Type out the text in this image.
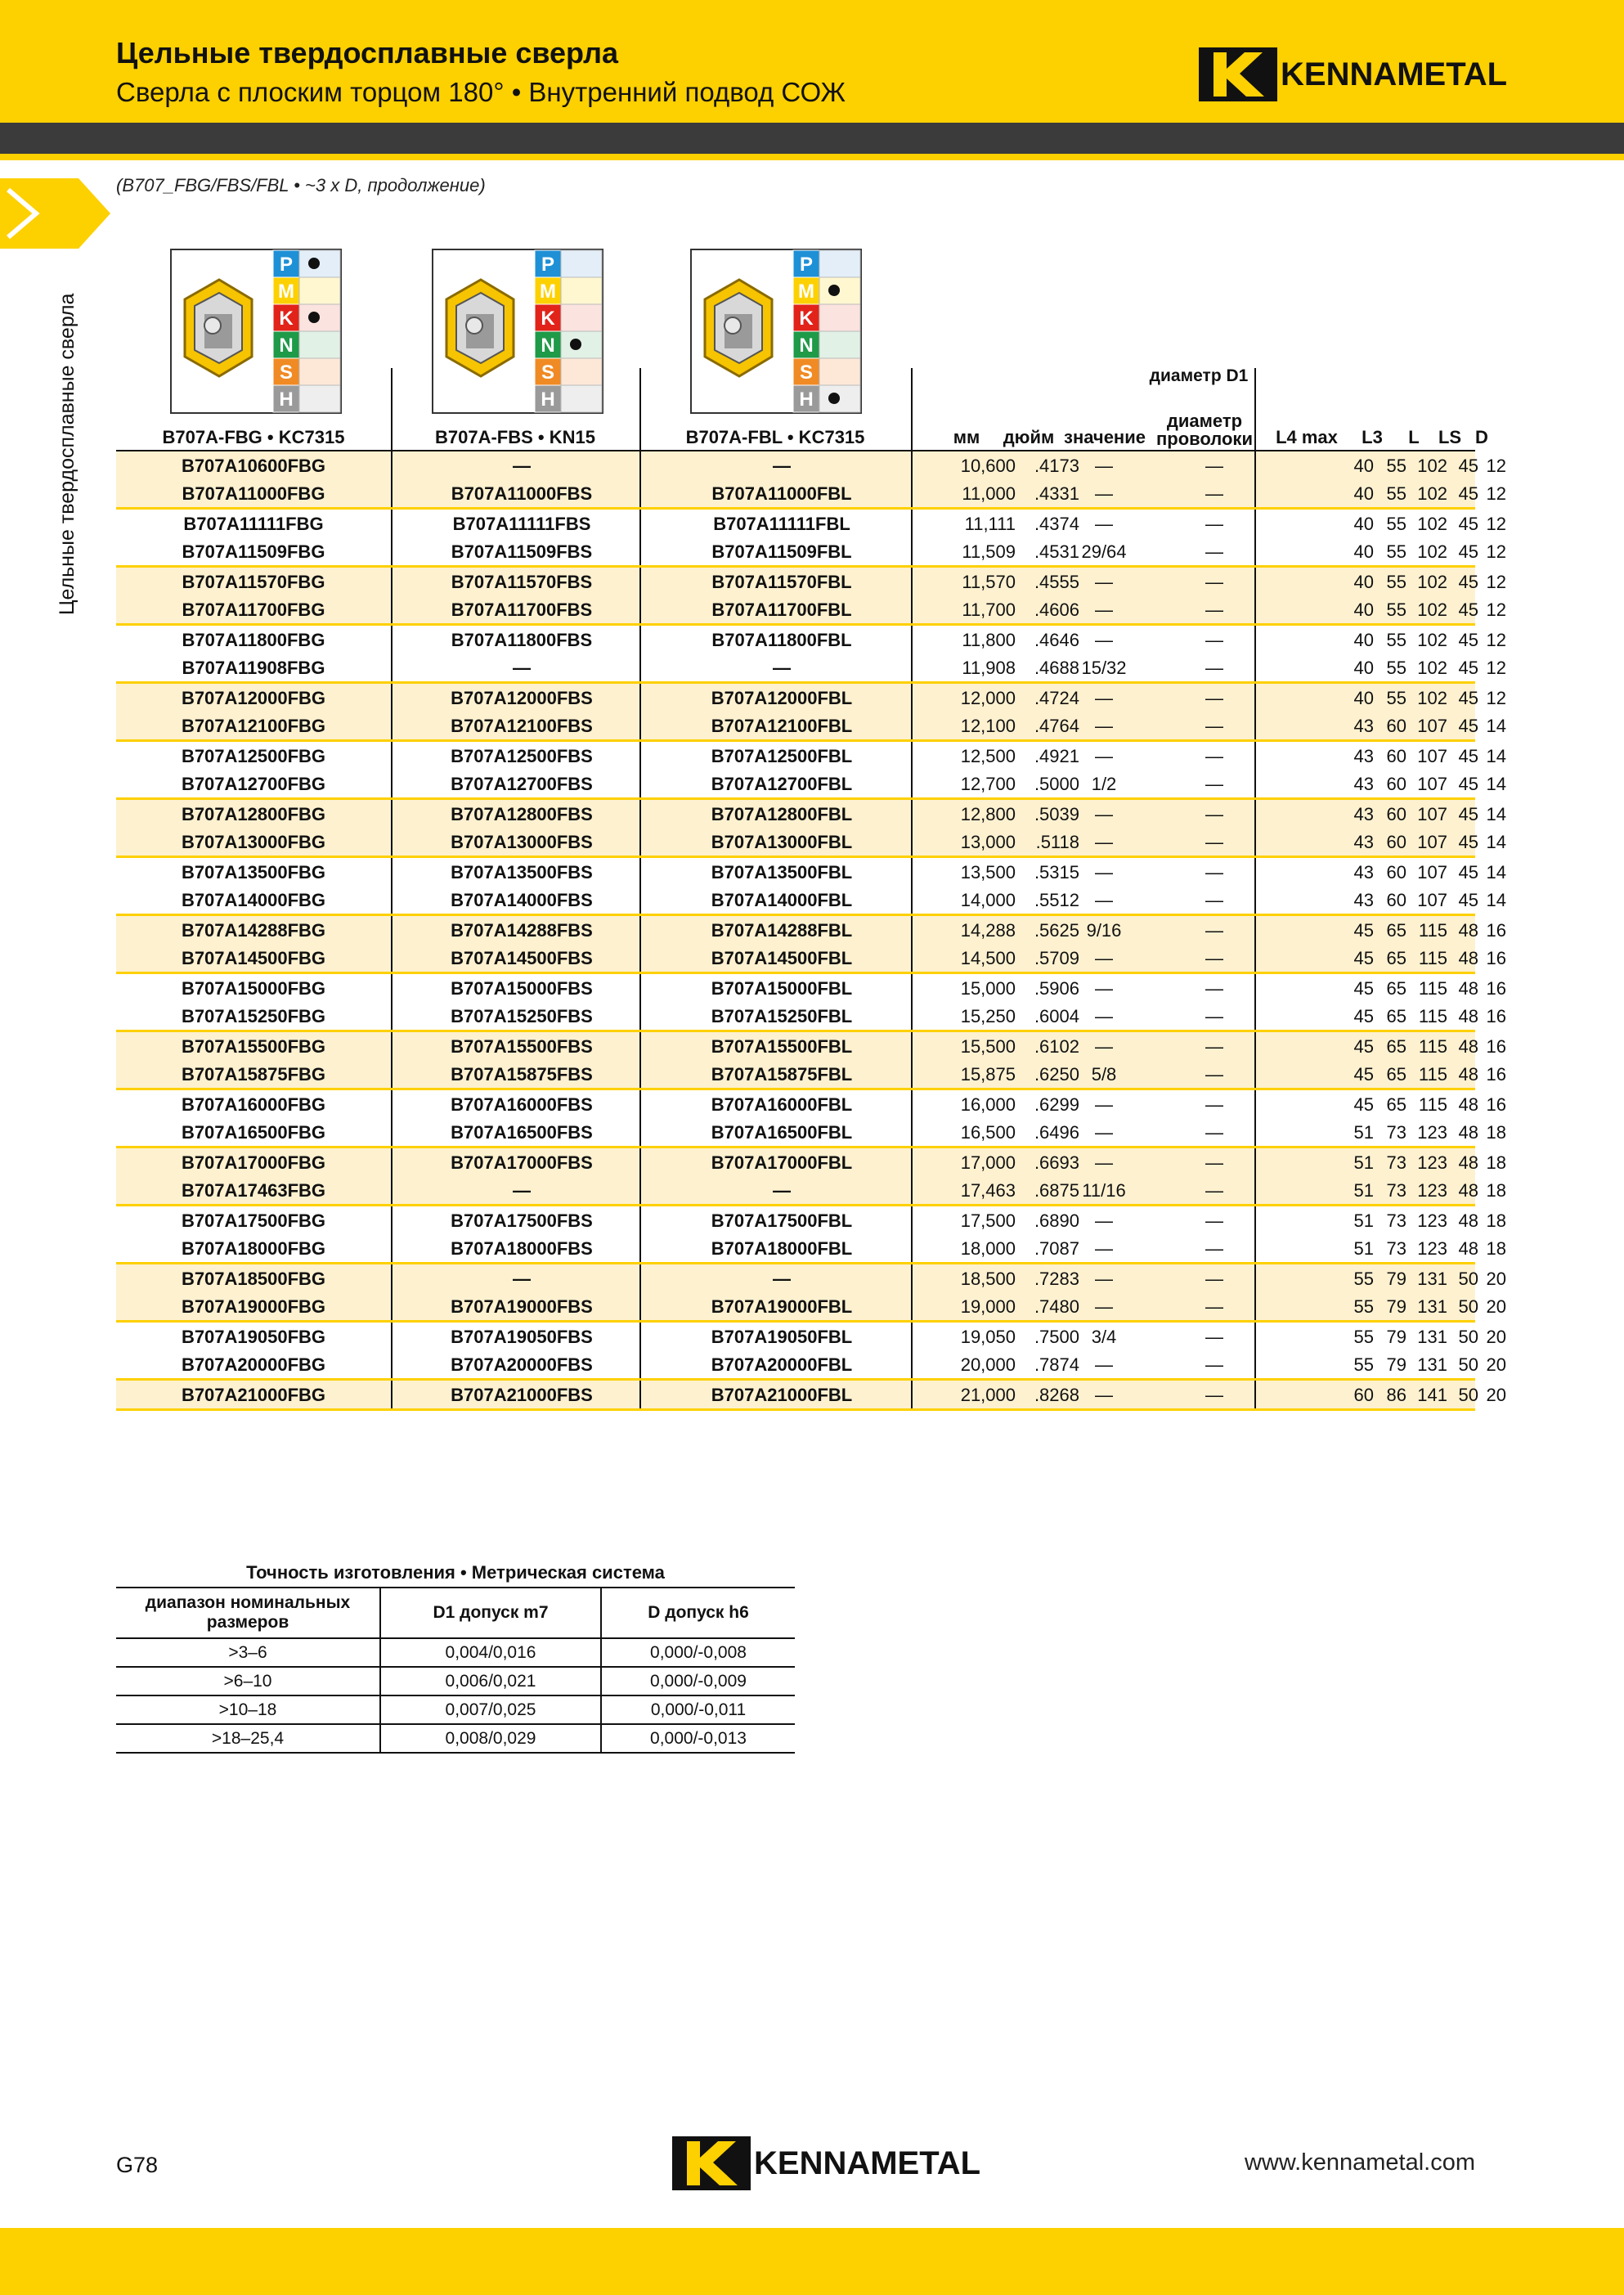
Цельные твердосплавные сверла
Сверла с плоским торцом 180° • Внутренний подвод СОЖ	KENNAMETAL
Цельные твердосплавные сверла
(B707_FBG/FBS/FBL • ~3 x D, продолжение)
P
M
K
N
S
H
P
M
K
N
S
H
P
M
K
N
S
H
диаметр D1
B707A-FBG • KC7315	B707A-FBS • KN15	B707A-FBL • KC7315	мм	дюйм значение
диаметр проволоки	L4 max	L3	L	LS D
B707A10600FBG	—	—	10,600	.4173 —	—	40 55 102 45 12
B707A11000FBG	B707A11000FBS	B707A11000FBL	11,000	.4331 —	—	40 55 102 45 12
B707A11111FBG	B707A11111FBS	B707A11111FBL	11,111	.4374 —	—	40 55 102 45 12
B707A11509FBG	B707A11509FBS	B707A11509FBL	11,509	.4531 29/64	—	40 55 102 45 12
B707A11570FBG	B707A11570FBS	B707A11570FBL	11,570	.4555 —	—	40 55 102 45 12
B707A11700FBG	B707A11700FBS	B707A11700FBL	11,700	.4606 —	—	40 55 102 45 12
B707A11800FBG	B707A11800FBS	B707A11800FBL	11,800	.4646 —	—	40 55 102 45 12
B707A11908FBG	—	—	11,908	.4688 15/32	—	40 55 102 45 12
B707A12000FBG	B707A12000FBS	B707A12000FBL	12,000	.4724 —	—	40 55 102 45 12
B707A12100FBG	B707A12100FBS	B707A12100FBL	12,100	.4764 —	—	43 60 107 45 14
B707A12500FBG	B707A12500FBS	B707A12500FBL	12,500	.4921 —	—	43 60 107 45 14
B707A12700FBG	B707A12700FBS	B707A12700FBL	12,700	.5000 1/2	—	43 60 107 45 14
B707A12800FBG	B707A12800FBS	B707A12800FBL	12,800	.5039 —	—	43 60 107 45 14
B707A13000FBG	B707A13000FBS	B707A13000FBL	13,000	.5118 —	—	43 60 107 45 14
B707A13500FBG	B707A13500FBS	B707A13500FBL	13,500	.5315 —	—	43 60 107 45 14
B707A14000FBG	B707A14000FBS	B707A14000FBL	14,000	.5512 —	—	43 60 107 45 14
B707A14288FBG	B707A14288FBS	B707A14288FBL	14,288	.5625 9/16	—	45 65 115 48 16
B707A14500FBG	B707A14500FBS	B707A14500FBL	14,500	.5709 —	—	45 65 115 48 16
B707A15000FBG	B707A15000FBS	B707A15000FBL	15,000	.5906 —	—	45 65 115 48 16
B707A15250FBG	B707A15250FBS	B707A15250FBL	15,250	.6004 —	—	45 65 115 48 16
B707A15500FBG	B707A15500FBS	B707A15500FBL	15,500	.6102 —	—	45 65 115 48 16
B707A15875FBG	B707A15875FBS	B707A15875FBL	15,875	.6250 5/8	—	45 65 115 48 16
B707A16000FBG	B707A16000FBS	B707A16000FBL	16,000	.6299 —	—	45 65 115 48 16
B707A16500FBG	B707A16500FBS	B707A16500FBL	16,500	.6496 —	—	51 73 123 48 18
B707A17000FBG	B707A17000FBS	B707A17000FBL	17,000	.6693 —	—	51 73 123 48 18
B707A17463FBG	—	—	17,463	.6875 11/16	—	51 73 123 48 18
B707A17500FBG	B707A17500FBS	B707A17500FBL	17,500	.6890 —	—	51 73 123 48 18
B707A18000FBG	B707A18000FBS	B707A18000FBL	18,000	.7087 —	—	51 73 123 48 18
B707A18500FBG	—	—	18,500	.7283 —	—	55 79 131 50 20
B707A19000FBG	B707A19000FBS	B707A19000FBL	19,000	.7480 —	—	55 79 131 50 20
B707A19050FBG	B707A19050FBS	B707A19050FBL	19,050	.7500 3/4	—	55 79 131 50 20
B707A20000FBG	B707A20000FBS	B707A20000FBL	20,000	.7874 —	—	55 79 131 50 20
B707A21000FBG	B707A21000FBS	B707A21000FBL	21,000	.8268 —	—	60 86 141 50 20
Точность изготовления • Метрическая система
диапазон номинальных размеров	D1 допуск m7	D допуск h6
>3–6	0,004/0,016	0,000/-0,008
>6–10	0,006/0,021	0,000/-0,009
>10–18	0,007/0,025	0,000/-0,011
>18–25,4	0,008/0,029	0,000/-0,013
G78	KENNAMETAL	www.kennametal.com
